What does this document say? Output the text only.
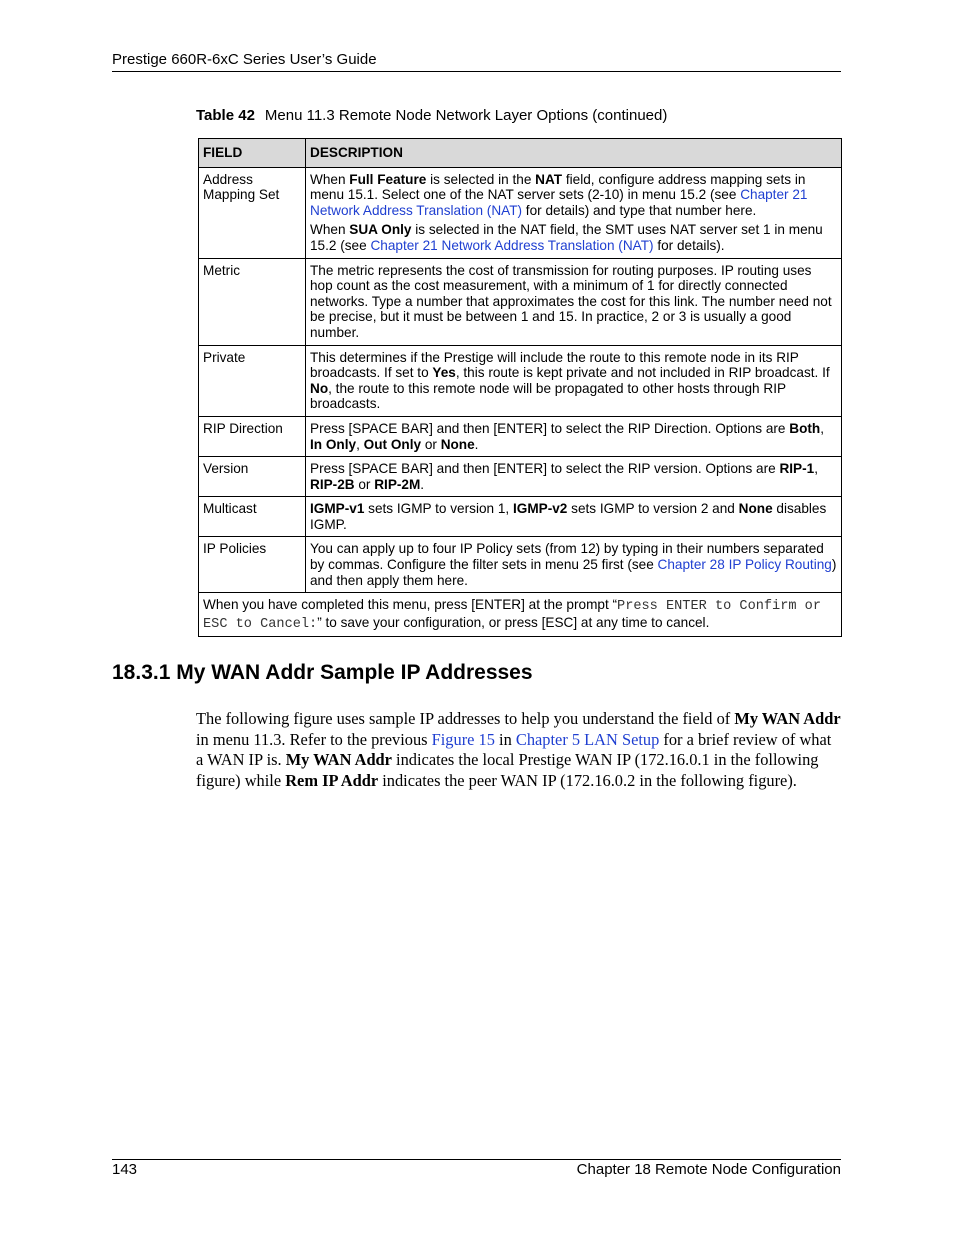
Prestige 660R-6xC Series User’s Guide
Table 42 Menu 11.3 Remote Node Network Layer Options (continued)
FIELD	DESCRIPTION
Address Mapping Set	When Full Feature is selected in the NAT field, configure address mapping sets in menu 15.1. Select one of the NAT server sets (2-10) in menu 15.2 (see Chapter 21 Network Address Translation (NAT) for details) and type that number here.

When SUA Only is selected in the NAT field, the SMT uses NAT server set 1 in menu 15.2 (see Chapter 21 Network Address Translation (NAT) for details).

Metric	The metric represents the cost of transmission for routing purposes. IP routing uses hop count as the cost measurement, with a minimum of 1 for directly connected networks. Type a number that approximates the cost for this link. The number need not be precise, but it must be between 1 and 15. In practice, 2 or 3 is usually a good number.
Private	This determines if the Prestige will include the route to this remote node in its RIP broadcasts. If set to Yes, this route is kept private and not included in RIP broadcast. If No, the route to this remote node will be propagated to other hosts through RIP broadcasts.
RIP Direction	Press [SPACE BAR] and then [ENTER] to select the RIP Direction. Options are Both, In Only, Out Only or None.
Version	Press [SPACE BAR] and then [ENTER] to select the RIP version. Options are RIP-1, RIP-2B or RIP-2M.
Multicast	IGMP-v1 sets IGMP to version 1, IGMP-v2 sets IGMP to version 2 and None disables IGMP.
IP Policies	You can apply up to four IP Policy sets (from 12) by typing in their numbers separated by commas. Configure the filter sets in menu 25 first (see Chapter 28 IP Policy Routing) and then apply them here.
When you have completed this menu, press [ENTER] at the prompt “Press ENTER to Confirm or ESC to Cancel:” to save your configuration, or press [ESC] at any time to cancel.	
18.3.1 My WAN Addr Sample IP Addresses

The following figure uses sample IP addresses to help you understand the field of My WAN Addr in menu 11.3. Refer to the previous Figure 15 in Chapter 5 LAN Setup for a brief review of what a WAN IP is. My WAN Addr indicates the local Prestige WAN IP (172.16.0.1 in the following figure) while Rem IP Addr indicates the peer WAN IP (172.16.0.2 in the following figure).

143	Chapter 18 Remote Node Configuration
